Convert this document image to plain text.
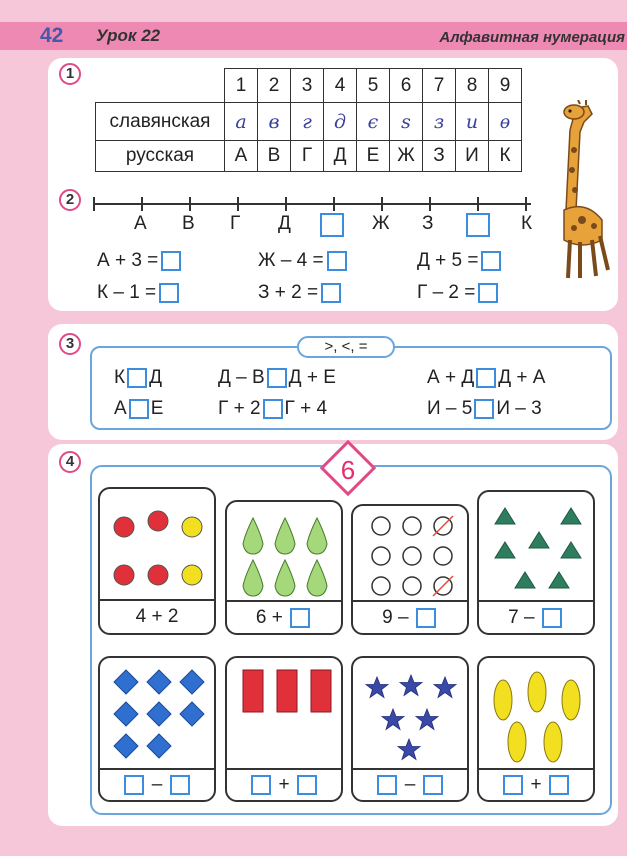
42 Урок 22	Алфавитная нумерация
1
	1	2	3	4	5	6	7	8	9
славянская	а	в	г	д	є	ѕ	з	и	ѳ
русская	А	В	Г	Д	Е	Ж	З	И	К
2
А В Г Д	Ж З	К
А + 3 =	Ж – 4 =	Д + 5 =
К – 1 =	З + 2 =	Г – 2 =
3	>, <, =
К Д	Д – В Д + Е	А + Д Д + А
А Е	Г + 2 Г + 4	И – 5 И – 3
4	6
4 + 2	6 +	9 –	7 –
–	+	–	+
